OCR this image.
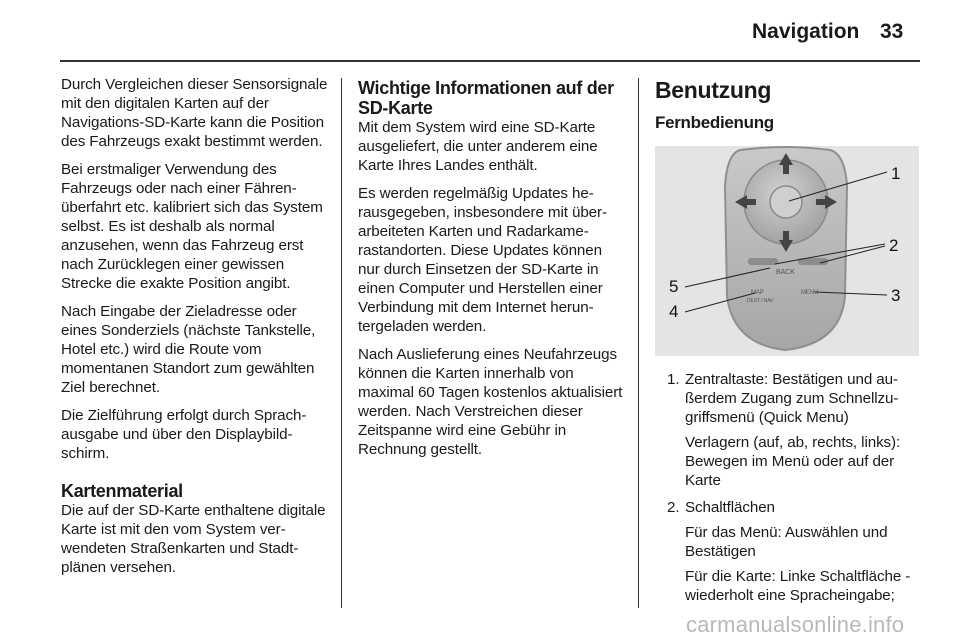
Navigation 33

Durch Vergleichen dieser Sensorsignale mit den digitalen Karten auf der Navigations-SD-Karte kann die Position des Fahrzeugs exakt bestimmt werden.

Bei erstmaliger Verwendung des Fahrzeugs oder nach einer Fährenüberfahrt etc. kalibriert sich das System selbst. Es ist deshalb als normal anzusehen, wenn das Fahrzeug erst nach Zurücklegen einer gewissen Strecke die exakte Position angibt.

Nach Eingabe der Zieladresse oder eines Sonderziels (nächste Tankstelle, Hotel etc.) wird die Route vom momentanen Standort zum gewählten Ziel berechnet.

Die Zielführung erfolgt durch Sprachausgabe und über den Displaybildschirm.

Kartenmaterial

Die auf der SD-Karte enthaltene digitale Karte ist mit den vom System verwendeten Straßenkarten und Stadtplänen versehen.

Wichtige Informationen auf der SD-Karte

Mit dem System wird eine SD-Karte ausgeliefert, die unter anderem eine Karte Ihres Landes enthält.

Es werden regelmäßig Updates herausgegeben, insbesondere mit überarbeiteten Karten und Radarkamerastandorten. Diese Updates können nur durch Einsetzen der SD-Karte in einen Computer und Herstellen einer Verbindung mit dem Internet heruntergeladen werden.

Nach Auslieferung eines Neufahrzeugs können die Karten innerhalb von maximal 60 Tagen kostenlos aktualisiert werden. Nach Verstreichen dieser Zeitspanne wird eine Gebühr in Rechnung gestellt.

Benutzung
Fernbedienung
BACK
MAP
DEST / NAV
MENU
1
2
3
4
5
1. Zentraltaste: Bestätigen und außerdem Zugang zum Schnellzugriffsmenü (Quick Menu)

Verlagern (auf, ab, rechts, links): Bewegen im Menü oder auf der Karte

2. Schaltflächen

Für das Menü: Auswählen und Bestätigen

Für die Karte: Linke Schaltfläche - wiederholt eine Spracheingabe;

carmanualsonline.info
